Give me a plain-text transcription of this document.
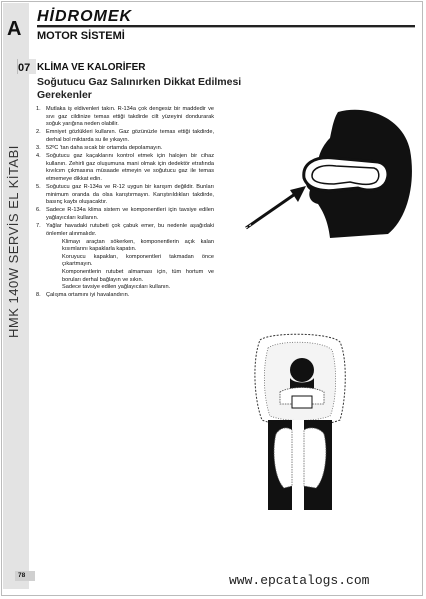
A
HMK 140W SERVİS EL KİTABI
HİDROMEK
MOTOR SİSTEMİ
07 KLİMA VE KALORİFER
Soğutucu Gaz Salınırken Dikkat Edilmesi Gerekenler
1. Mutlaka iş eldivenleri takın. R-134a çok dengesiz bir maddedir ve sıvı gaz cildinize temas ettiği takdirde cilt yüzeyini dondurarak soğuk yarığına neden olabilir.
2. Emniyet gözlükleri kullanın. Gaz gözünüzle temas ettiği takdirde, derhal bol miktarda su ile yıkayın.
3. 52ºC 'tan daha sıcak bir ortamda depolamayın.
4. Soğutucu gaz kaçaklarını kontrol etmek için halojen bir cihaz kullanın. Zehirli gaz oluşumuna mani olmak için dedektör etrafında kıvılcım çıkmasına müsaade etmeyin ve soğutucu gaz ile temas etmemeye dikkat edin.
5. Soğutucu gaz R-134a ve R-12 uygun bir karışım değildir. Bunları minimum oranda da olsa karıştırmayın. Karıştırıldıkları takdirde, basınç kaybı oluşacaktır.
6. Sadece R-134a klima sistem ve komponentleri için tavsiye edilen yağlayıcıları kullanın.
7. Yağlar havadaki rutubeti çok çabuk emer, bu nedenle aşağıdaki önlemler alınmalıdır.
Klimayı araçtan sökerken, komponentlerin açık kalan kısımlarını kapaklarla kapatın.
Koruyucu kapakları, komponentleri takmadan önce çıkartmayın.
Komponentlerin rutubet almaması için, tüm hortum ve boruları derhal bağlayın ve sıkın.
Sadece tavsiye edilen yağlayıcıları kullanın.
8. Çalışma ortamını iyi havalandırın.
78	www.epcatalogs.com
